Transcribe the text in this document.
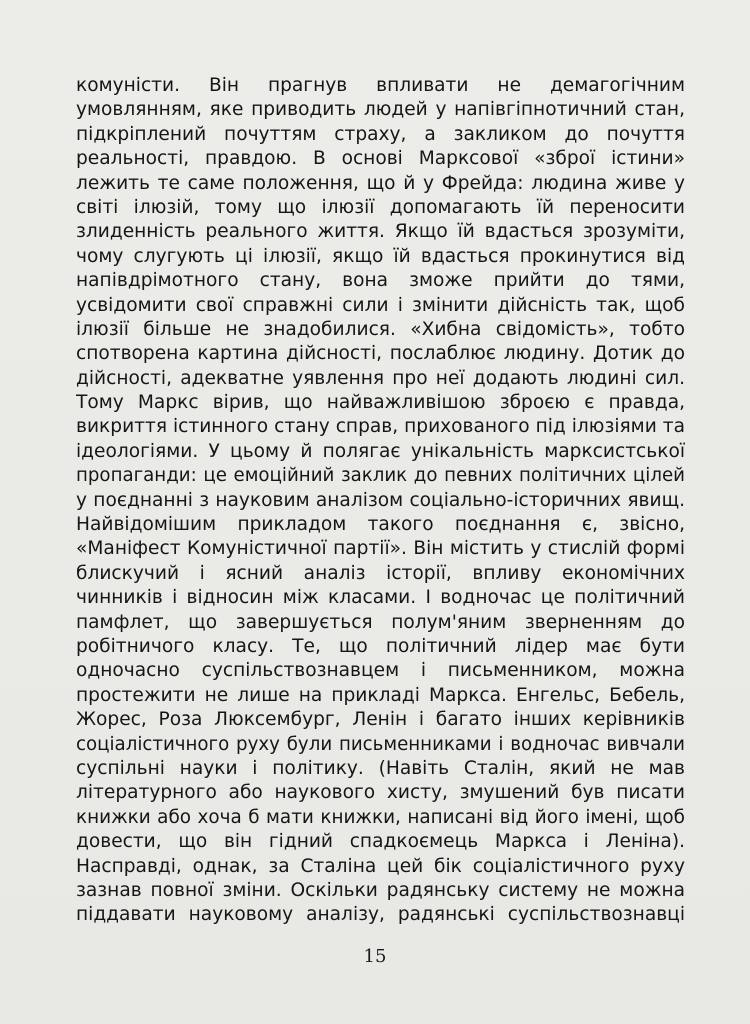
комуністи. Він прагнув впливати не демагогічним
умовлянням, яке приводить людей у напівгіпнотичний стан,
підкріплений почуттям страху, а закликом до почуття
реальності, правдою. В основі Марксової «зброї істини»
лежить те саме положення, що й у Фрейда: людина живе у
світі ілюзій, тому що ілюзії допомагають їй переносити
злиденність реального життя. Якщо їй вдасться зрозуміти,
чому слугують ці ілюзії, якщо їй вдасться прокинутися від
напівдрімотного стану, вона зможе прийти до тями,
усвідомити свої справжні сили і змінити дійсність так, щоб
ілюзії більше не знадобилися. «Хибна свідомість», тобто
спотворена картина дійсності, послаблює людину. Дотик до
дійсності, адекватне уявлення про неї додають людині сил.
Тому Маркс вірив, що найважливішою зброєю є правда,
викриття істинного стану справ, прихованого під ілюзіями та
ідеологіями. У цьому й полягає унікальність марксистської
пропаганди: це емоційний заклик до певних політичних цілей
у поєднанні з науковим аналізом соціально-історичних явищ.
Найвідомішим прикладом такого поєднання є, звісно,
«Маніфест Комуністичної партії». Він містить у стислій формі
блискучий і ясний аналіз історії, впливу економічних
чинників і відносин між класами. І водночас це політичний
памфлет, що завершується полум'яним зверненням до
робітничого класу. Те, що політичний лідер має бути
одночасно суспільствознавцем і письменником, можна
простежити не лише на прикладі Маркса. Енгельс, Бебель,
Жорес, Роза Люксембург, Ленін і багато інших керівників
соціалістичного руху були письменниками і водночас вивчали
суспільні науки і політику. (Навіть Сталін, який не мав
літературного або наукового хисту, змушений був писати
книжки або хоча б мати книжки, написані від його імені, щоб
довести, що він гідний спадкоємець Маркса і Леніна).
Насправді, однак, за Сталіна цей бік соціалістичного руху
зазнав повної зміни. Оскільки радянську систему не можна
піддавати науковому аналізу, радянські суспільствознавці
15
